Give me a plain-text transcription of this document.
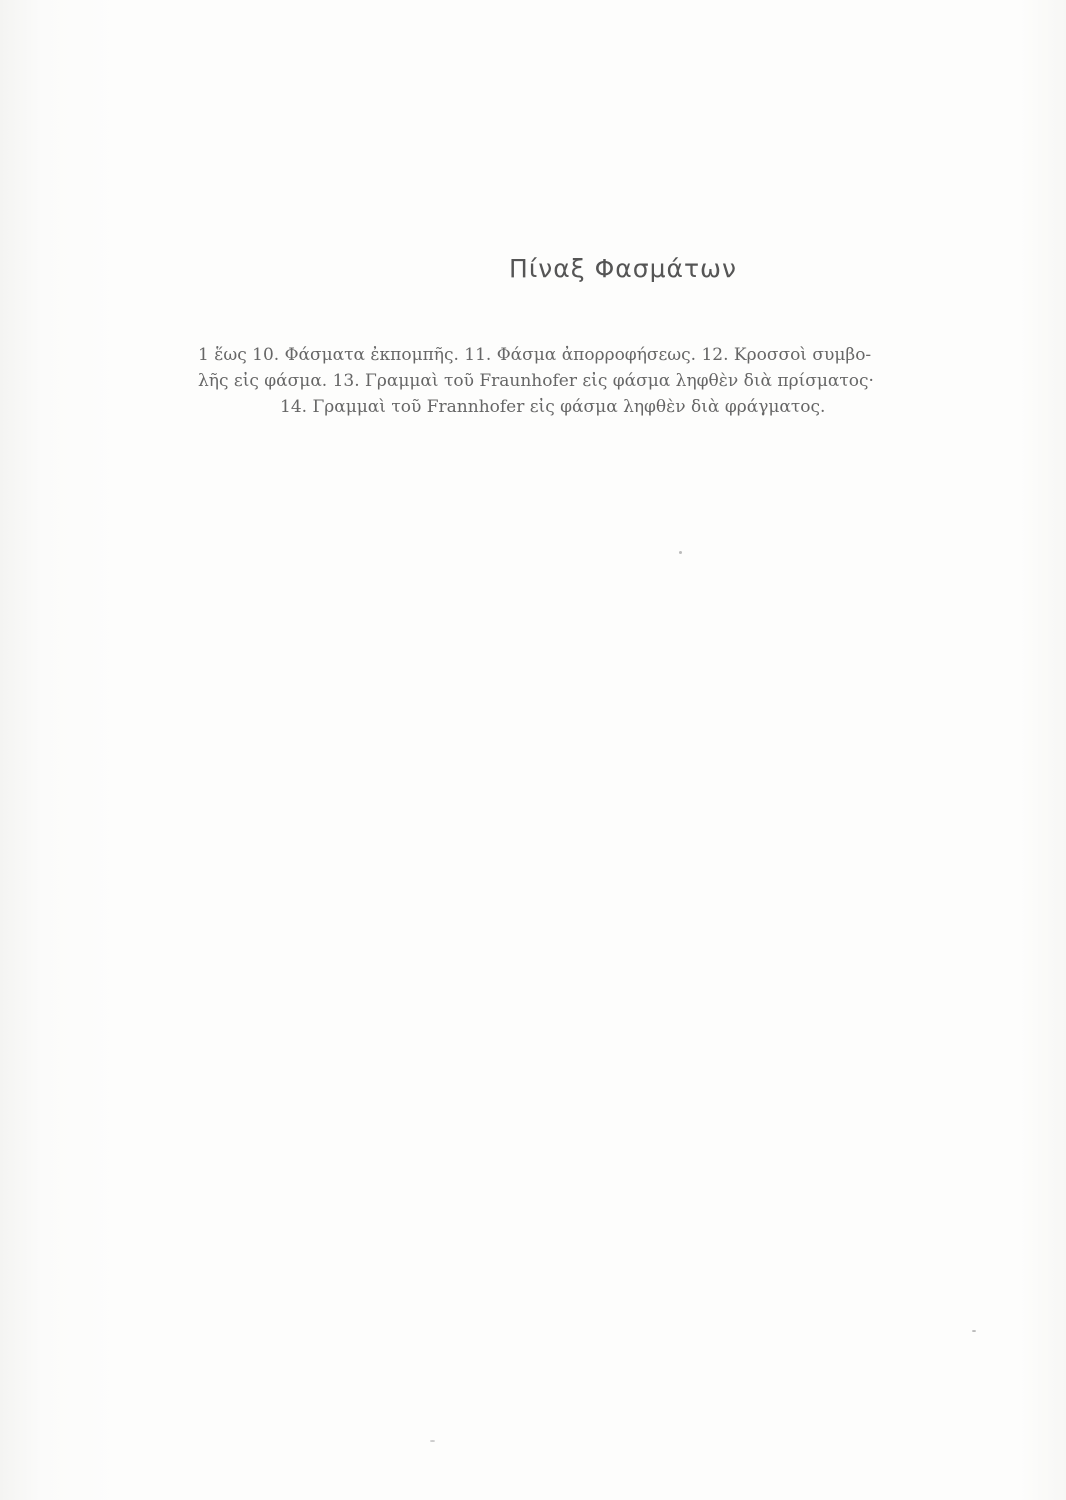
Πίναξ Φασμάτων
1 ἕως 10. Φάσματα ἐκπομπῆς. 11. Φάσμα ἀπορροφήσεως. 12. Κροσσοὶ συμβο-
λῆς εἰς φάσμα. 13. Γραμμαὶ τοῦ Fraunhofer εἰς φάσμα ληφθὲν διὰ πρίσματος·
14. Γραμμαὶ τοῦ Frannhofer εἰς φάσμα ληφθὲν διὰ φράγματος.
